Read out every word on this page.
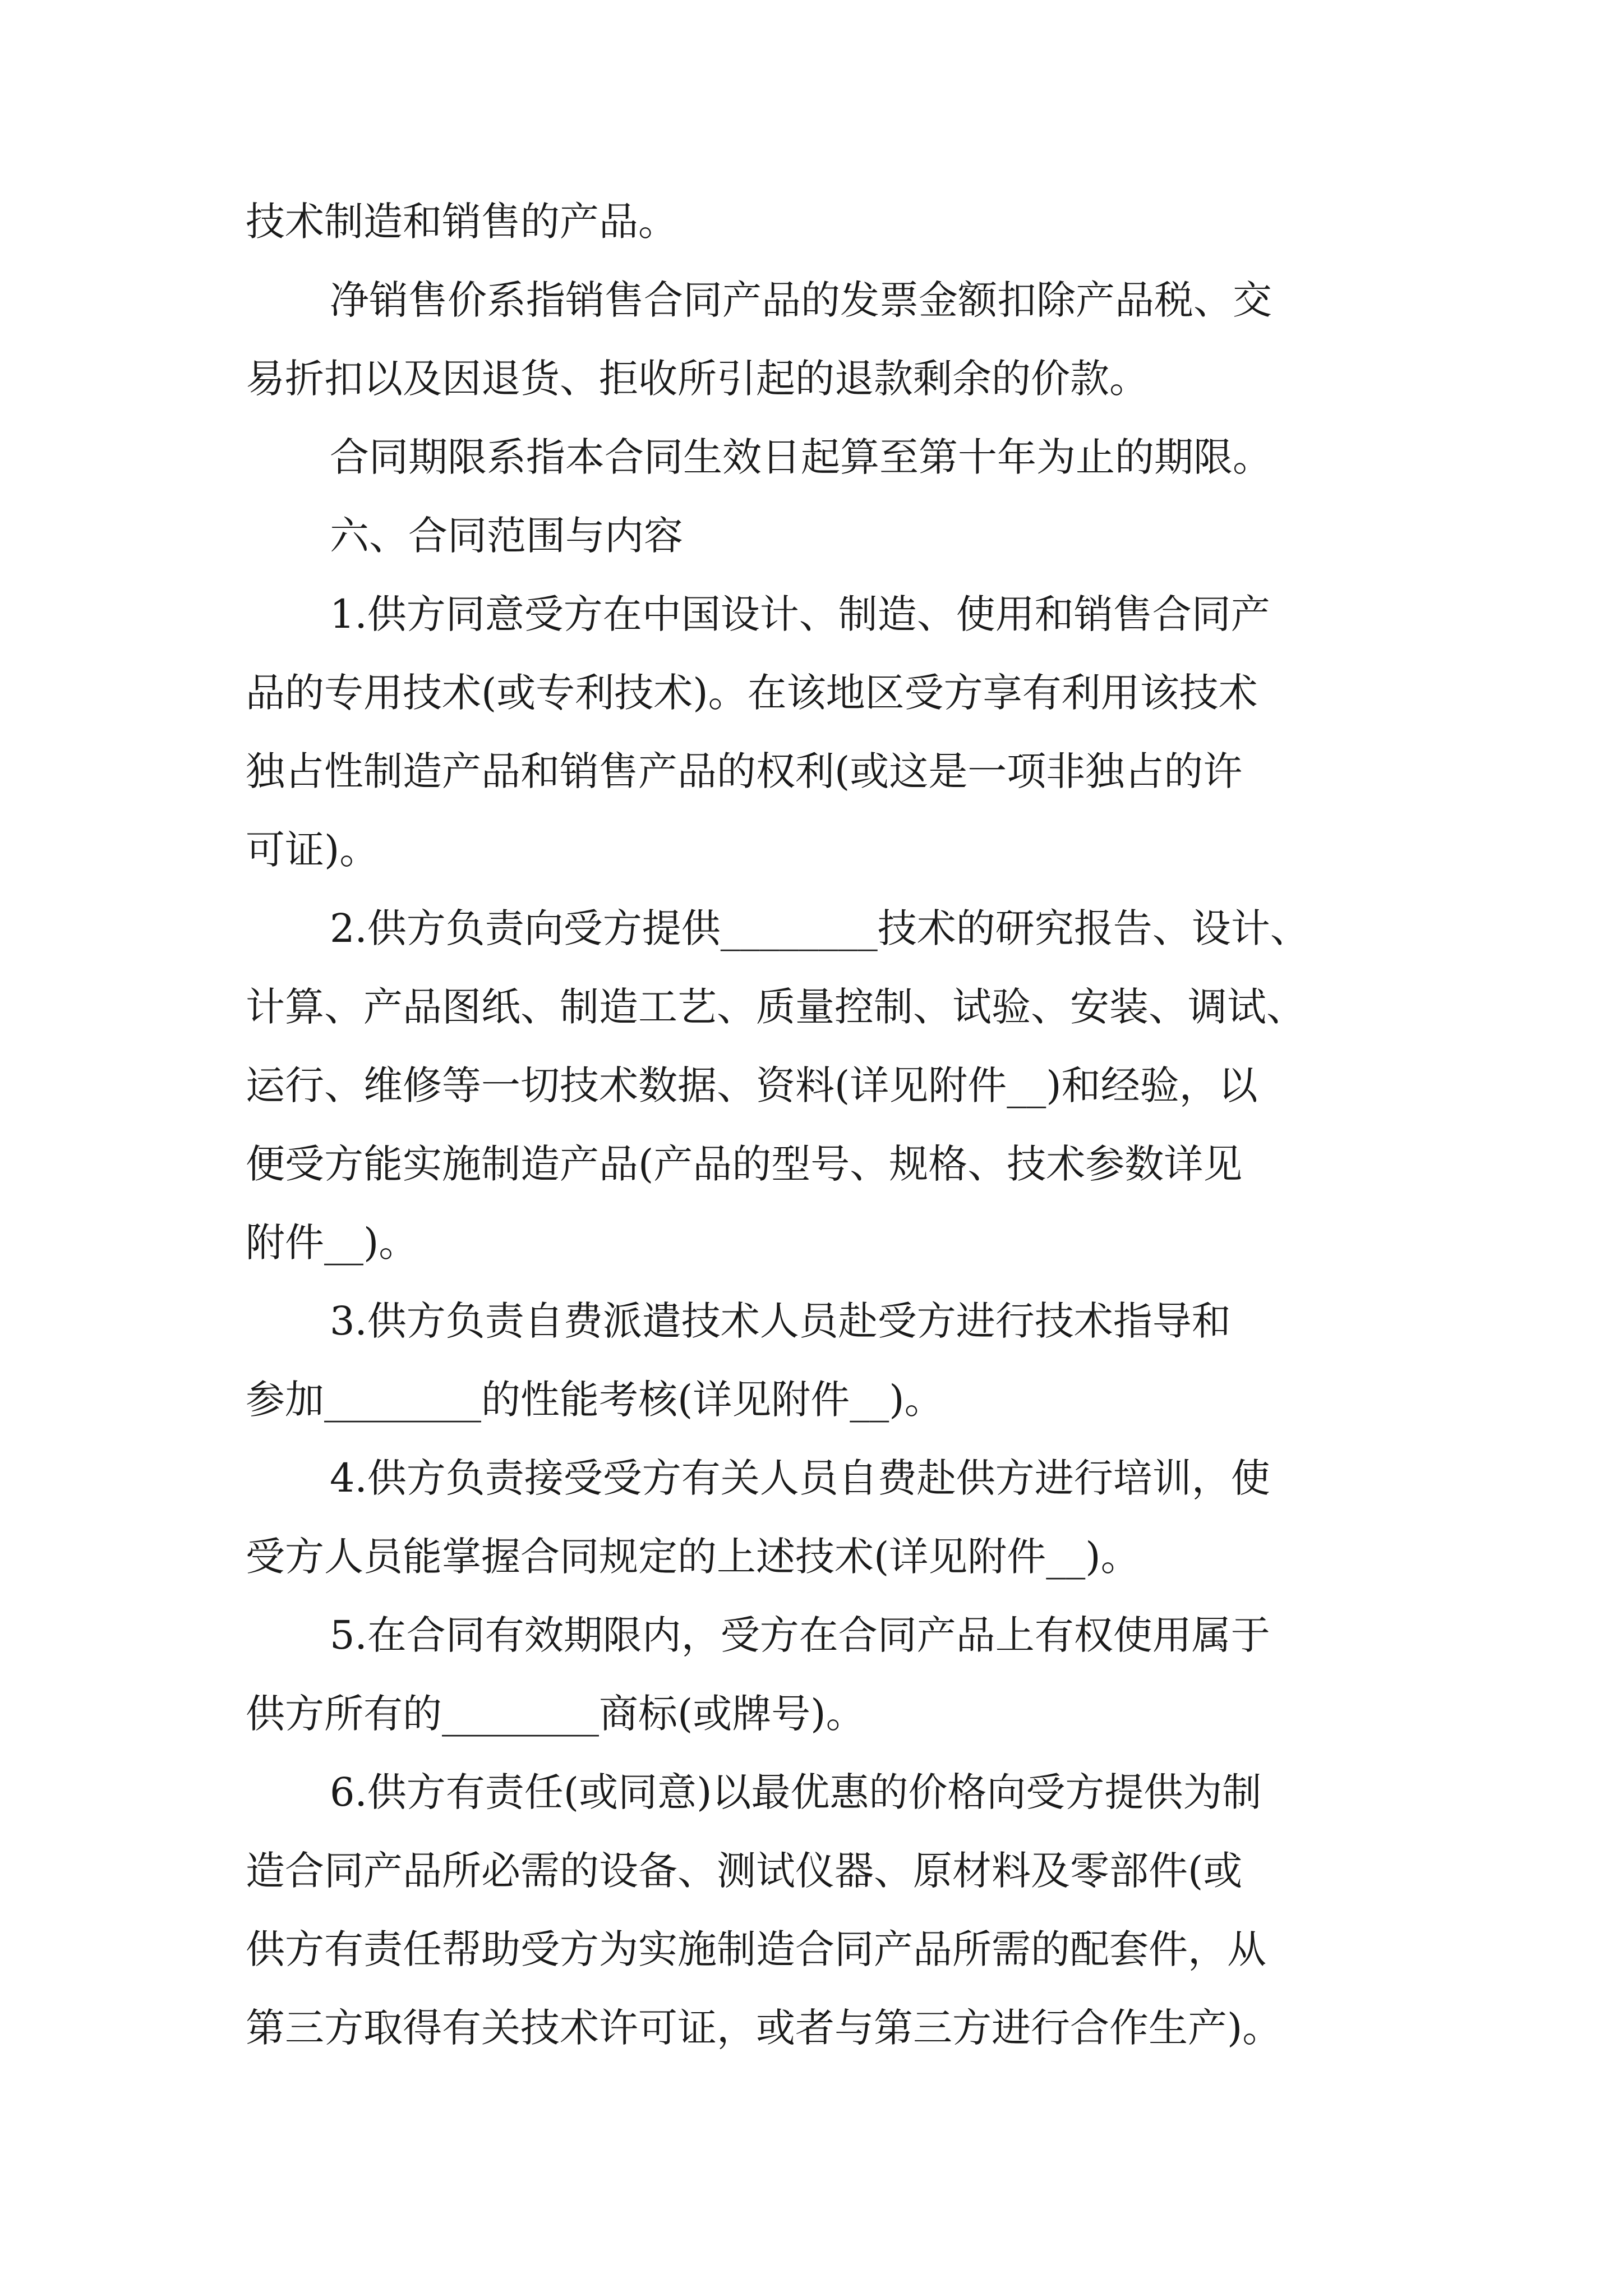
技术制造和销售的产品。

净销售价系指销售合同产品的发票金额扣除产品税、交

易折扣以及因退货、拒收所引起的退款剩余的价款。

合同期限系指本合同生效日起算至第十年为止的期限。

六、合同范围与内容

1.供方同意受方在中国设计、制造、使用和销售合同产

品的专用技术(或专利技术)。在该地区受方享有利用该技术

独占性制造产品和销售产品的权利(或这是一项非独占的许

可证)。

2.供方负责向受方提供________技术的研究报告、设计、

计算、产品图纸、制造工艺、质量控制、试验、安装、调试、

运行、维修等一切技术数据、资料(详见附件__)和经验，以

便受方能实施制造产品(产品的型号、规格、技术参数详见

附件__)。

3.供方负责自费派遣技术人员赴受方进行技术指导和

参加________的性能考核(详见附件__)。

4.供方负责接受受方有关人员自费赴供方进行培训，使

受方人员能掌握合同规定的上述技术(详见附件__)。

5.在合同有效期限内，受方在合同产品上有权使用属于

供方所有的________商标(或牌号)。

6.供方有责任(或同意)以最优惠的价格向受方提供为制

造合同产品所必需的设备、测试仪器、原材料及零部件(或

供方有责任帮助受方为实施制造合同产品所需的配套件，从

第三方取得有关技术许可证，或者与第三方进行合作生产)。
